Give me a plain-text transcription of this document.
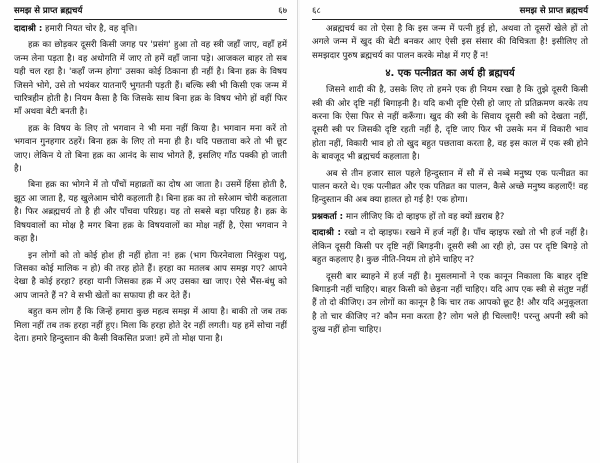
समझ से प्राप्त ब्रह्मचर्य	६७

दादाश्री : हमारी नियत चोर है, वह वृत्ति।

हक़ का छोड़कर दूसरी किसी जगह पर 'प्रसंग' हुआ तो वह स्त्री जहाँ जाए, वहाँ हमें जन्म लेना पड़ता है। वह अधोगति में जाए तो हमें वहाँ जाना पड़े। आजकल बाहर तो सब यही चल रहा है। 'कहाँ जन्म होगा' उसका कोई ठिकाना ही नहीं है। बिना हक़ के विषय जिसने भोगे, उसे तो भयंकर यातनाएँ भुगतनी पड़ती हैं। बल्कि स्त्री भी किसी एक जन्म में चारित्रहीन होती है। नियम कैसा है कि जिसके साथ बिना हक़ के विषय भोगे हों वहीं फिर माँ अथवा बेटी बनती है।

हक़ के विषय के लिए तो भगवान ने भी मना नहीं किया है। भगवान मना करें तो भगवान गुनहगार ठहरें। बिना हक़ के लिए तो मना ही है। यदि पछतावा करे तो भी छूट जाए। लेकिन ये तो बिना हक़ का आनंद के साथ भोगते हैं, इसलिए गाँठ पक्की हो जाती है।

बिना हक़ का भोगने में तो पाँचों महाव्रतों का दोष आ जाता है। उसमें हिंसा होती है, झूठ आ जाता है, यह खुलेआम चोरी कहलाती है। बिना हक़ का तो सरेआम चोरी कहलाता है। फिर अब्रह्मचर्य तो है ही और पाँचवा परिग्रह। यह तो सबसे बड़ा परिग्रह है। हक़ के विषयवालों का मोक्ष है मगर बिना हक़ के विषयवालों का मोक्ष नहीं है, ऐसा भगवान ने कहा है।

इन लोगों को तो कोई होश ही नहीं होता न! हक़ (भाग फिरनेवाला निरंकुश पशु, जिसका कोई मालिक न हो) की तरह होते हैं। हरहा का मतलब आप समझ गए? आपने देखा है कोई हरहा? हरहा यानी जिसका हक़ में अए उसका खा जाए। ऐसे भैंस-बंधु को आप जानते हैं न? वे सभी खेतों का सफाया ही कर देते हैं।

बहुत कम लोग हैं कि जिन्हें हमारा कुछ महत्व समझ में आया है। बाकी तो जब तक मिला नहीं तब तक हरहा नहीं हुए। मिला कि हरहा होते देर नहीं लगती। यह हमें सोचा नहीं देता। हमारे हिन्दुस्तान की कैसी विकसित प्रजा! हमें तो मोक्ष पाना है।

६८	समझ से प्राप्त ब्रह्मचर्य

अब्रह्मचर्य का तो ऐसा है कि इस जन्म में पत्नी हुई हो, अथवा तो दूसरों खेले हों तो अगले जन्म में खुद की बेटी बनकर आए ऐसी इस संसार की विचित्रता है! इसीलिए तो समझदार पुरुष ब्रह्मचर्य का पालन करके मोक्ष में गए हैं न!

४. एक पत्नीव्रत का अर्थ ही ब्रह्मचर्य

जिसने शादी की है, उसके लिए तो हमने एक ही नियम रखा है कि तुझे दूसरी किसी स्त्री की ओर दृष्टि नहीं बिगाड़नी है। यदि कभी दृष्टि ऐसी हो जाए तो प्रतिक्रमण करके तय करना कि ऐसा फिर से नहीं करूँगा। खुद की स्त्री के सिवाय दूसरी स्त्री को देखता नहीं, दूसरी स्त्री पर जिसकी दृष्टि रहती नहीं है, दृष्टि जाए फिर भी उसके मन में विकारी भाव होता नहीं, विकारी भाव हो तो खुद बहुत पछतावा करता है, वह इस काल में एक स्त्री होने के बावजूद भी ब्रह्मचर्य कहलाता है।

अब से तीन हजार साल पहले हिन्दुस्तान में सौ में से नब्बे मनुष्य एक पत्नीव्रत का पालन करते थे। एक पत्नीव्रत और एक पतिव्रत का पालन, कैसे अच्छे मनुष्य कहलाएँ! वह हिन्दुस्तान की अब क्या हालत हो गई है! एक होगा।

प्रश्नकर्ता : मान लीजिए कि दो व्हाइफ हों तो वह क्यों ख़राब है?

दादाश्री : रखो न दो व्हाइफ। रखने में हर्ज नहीं है। पाँच व्हाइफ रखो तो भी हर्ज नहीं है। लेकिन दूसरी किसी पर दृष्टि नहीं बिगड़नी। दूसरी स्त्री आ रही हो, उस पर दृष्टि बिगड़े तो बहुत कहलाए है। कुछ नीति-नियम तो होने चाहिए न?

दूसरी बार ब्याहने में हर्ज नहीं है। मुसलमानों ने एक कानून निकाला कि बाहर दृष्टि बिगाड़नी नहीं चाहिए। बाहर किसी को छेड़ना नहीं चाहिए। यदि आप एक स्त्री से संतुष्ट नहीं हैं तो दो कीजिए। उन लोगों का कानून है कि चार तक आपको छूट है! और यदि अनुकूलता है तो चार कीजिए न? कौन मना करता है? लोग भले ही चिल्लाएँ! परन्तु अपनी स्त्री को दुःख नहीं होना चाहिए।
